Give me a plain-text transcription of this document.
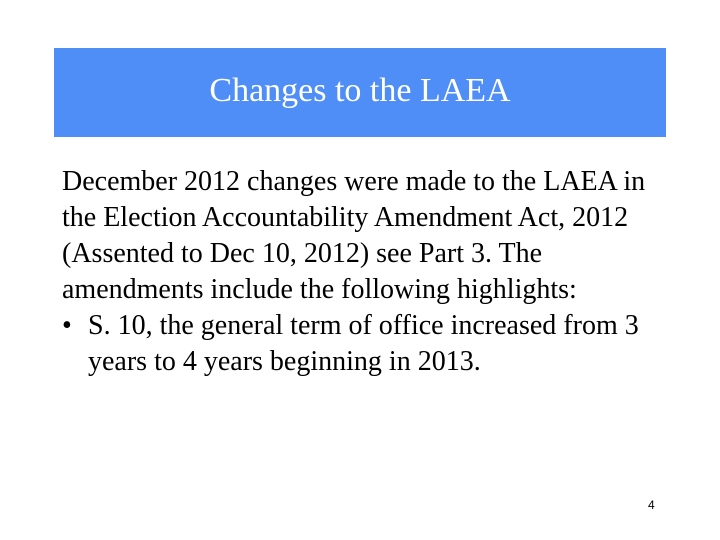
Changes to the LAEA

December 2012 changes were made to the LAEA in the Election Accountability Amendment Act, 2012 (Assented to Dec 10, 2012) see Part 3. The amendments include the following highlights:

• S. 10, the general term of office increased from 3 years to 4 years beginning in 2013.
4
